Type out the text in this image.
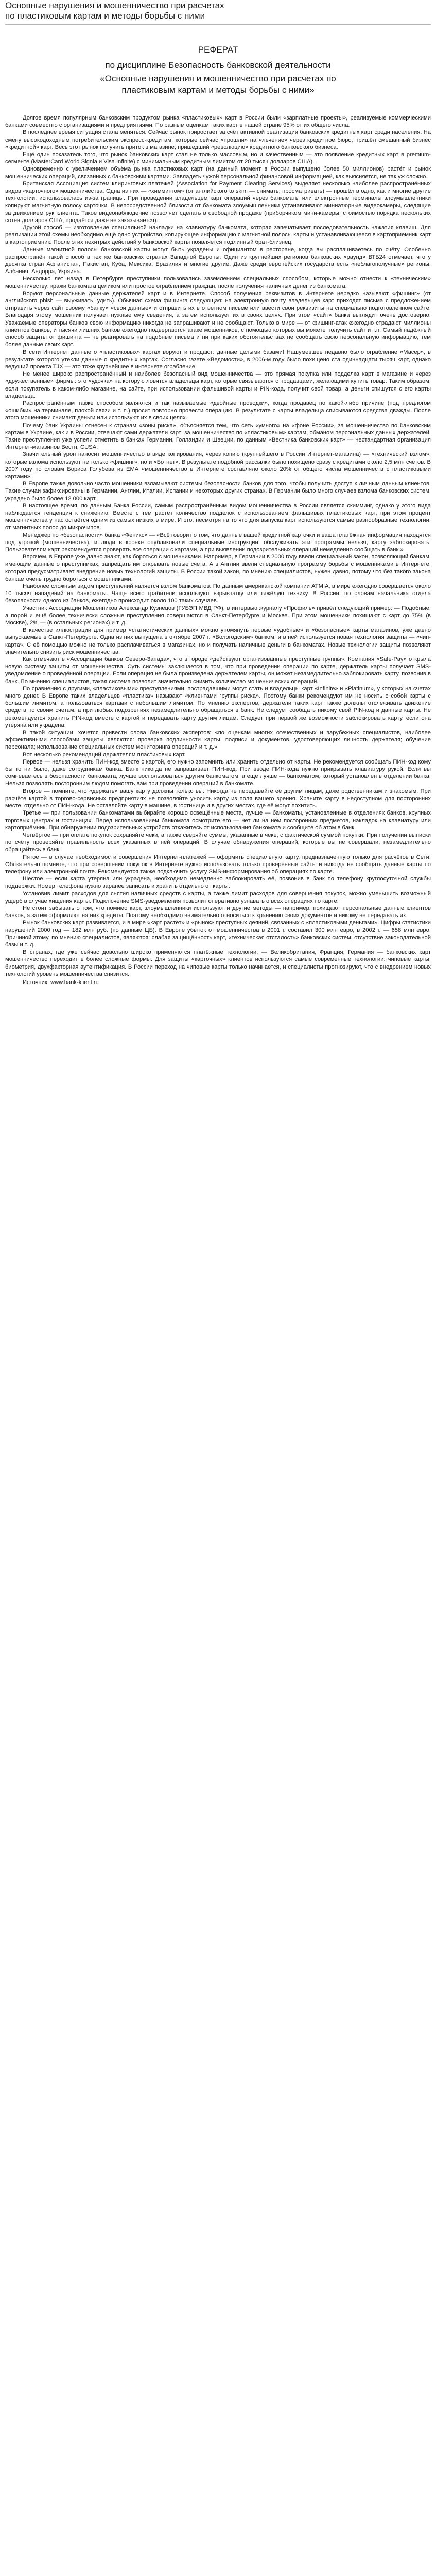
Основные нарушения и мошенничество при расчетах по пластиковым картам и методы борьбы с ними
РЕФЕРАТ
по дисциплине Безопасность банковской деятельности
«Основные нарушения и мошенничество при расчетах по пластиковым картам и методы борьбы с ними»

Долгое время популярным банковским продуктом рынка «пластиковых» карт в России были «зарплатные проекты», реализуемые коммерческими банками совместно с организациями и предприятиями. По разным оценкам таких карт в нашей стране 95% от их общего числа.

В последнее время ситуация стала меняться. Сейчас рынок приростает за счёт активной реализации банковских кредитных карт среди населения. На смену высокодоходным потребительским экспресс-кредитам, которые сейчас «прошли» на «лечение» через кредитное бюро, пришёл смешанный бизнес «кредитной» карт. Весь этот рынок получить приток в магазине, пришедший «революцию» кредитного банковского бизнеса.

Ещё один показатель того, что рынок банковских карт стал не только массовым, но и качественным — это появление кредитных карт в premium-сегменте (MasterCard World Signia и Visa Infinite) с минимальным кредитным лимитом от 20 тысяч долларов США).

Одновременно с увеличением объёма рынка пластиковых карт (на данный момент в России выпущено более 50 миллионов) растёт и рынок мошеннических операций, связанных с банковскими картами. Завладеть чужой персональной финансовой информацией, как выясняется, не так уж сложно.

Британская Ассоциация систем клиринговых платежей (Association for Payment Clearing Services) выделяет несколько наиболее распространённых видов «карточного» мошенничества. Одна из них — «химмингом» (от английского to skim — снимать, просматривать) — прошёл в одно, как и многие другие технологии, использовалась из-за границы. При проведении владельцем карт операций через банкоматы или электронные терминалы злоумышленники копируют магнитную полосу карточки. В непосредственной близости от банкомата злоумышленники устанавливают миниатюрные видеокамеры, следящие за движением рук клиента. Такое видеонаблюдение позволяет сделать в свободной продаже (приборчиком мини-камеры, стоимостью порядка нескольких сотен долларов США, продаётся даже не заказывается).

Другой способ — изготовление специальной накладки на клавиатуру банкомата, которая запечатывает последовательность нажатия клавиш. Для реализации этой схемы необходимо ещё одно устройство, копирующее информацию с магнитной полосы карты и устанавливающееся в картоприемник карт в картоприемник. После этих нехитрых действий у банковской карты появляется подлинный брат-близнец.

Данные магнитной полосы банковской карты могут быть украдены и официантом в ресторане, когда вы расплачиваетесь по счёту. Особенно распространён такой способ в тех же банковских странах Западной Европы. Один из крупнейших регионов банковских «раунд» ВТБ24 отмечает, что у десятка стран Афганистан, Пакистан, Куба, Мексика, Бразилия и многие другие. Даже среди европейских государств есть «неблагополучные» регионы: Албания, Андорра, Украина.

Несколько лет назад в Петербурге преступники пользовались заземлением специальных способом, которые можно отнести к «техническим» мошенничеству: кражи банкомата целиком или простое ограблением граждан, после получения наличных денег из банкомата.

Воруют персональные данные держателей карт и в Интернете. Способ получения реквизитов в Интернете нередко называют «фишинг» (от английского phish — выуживать, удить). Обычная схема фишинга следующая: на электронную почту владельцев карт приходят письма с предложением отправить через сайт своему «банку» «свои данные» и отправить их в ответном письме или ввести свои реквизиты на специально подготовленном сайте. Благодаря этому мошенник получает нужные ему сведения, а затем использует их в своих целях. При этом «сайт» банка выглядит очень достоверно. Уважаемые операторы банков свою информацию никогда не запрашивают и не сообщают. Только в мире — от фишинг-атак ежегодно страдают миллионы клиентов банков, и тысячи лишних банков ежегодно подвергаются атаке мошенников, с помощью которых вы можете получить сайт и т.п. Самый надёжный способ защиты от фишинга — не реагировать на подобные письма и ни при каких обстоятельствах не сообщать свою персональную информацию, тем более данные своих карт.

В сети Интернет данные о «пластиковых» картах воруют и продают: данные целыми базами! Нашумевшее недавно было ограбление «Масер», в результате которого утекли данные о кредитных картах. Согласно газете «Ведомости», в 2006-м году было похищено ста одиннадцати тысяч карт, однако ведущий проекта TJX — это тоже крупнейшее в интернете ограбление.

Не менее широко распространённый и наиболее безопасный вид мошенничества — это прямая покупка или подделка карт в магазине и через «дружественные» фирмы: это «удочка» на которую ловятся владельцы карт, которые связываются с продавцами, желающими купить товар. Таким образом, если покупатель в каком-либо магазине, на сайте, при использовании фальшивой карты и PIN-кода, получит свой товар, а деньги спишутся с его карты владельца.

Распространённым также способом являются и так называемые «двойные проводки», когда продавец по какой-либо причине (под предлогом «ошибки» на терминале, плохой связи и т. п.) просит повторно провести операцию. В результате с карты владельца списываются средства дважды. После этого мошенники снимают деньги или используют их в своих целях.

Почему банк Украины отнесен к странам «зоны риска», объясняется тем, что сеть «умного» на «фоне России», за мошенничество по банковским картам в Украине, как и в России, отвечают сами держатели карт: за мошенничество по «пластиковым» картам, обманом персональных данных держателей. Такие преступления уже успели отметить в банках Германии, Голландии и Швеции, по данным «Вестника банковских карт» — нестандартная организация Интернет-магазинов Вестн, CUSA.

Значительный урон наносит мошенничество в виде копирования, через копию (крупнейшего в России Интернет-магазина) — «технический взлом», которые взлома используют не только «фишинг», но и «Ботнет». В результате подобной рассылки было похищено сразу с кредитами около 2,5 млн счетов. В 2007 году по словам Бориса Голубева из ЕМА «мошенничество в Интернете составляло около 20% от общего числа мошенничеств с пластиковыми картами».

В Европе также довольно часто мошенники взламывают системы безопасности банков для того, чтобы получить доступ к личным данным клиентов. Такие случаи зафиксированы в Германии, Англии, Италии, Испании и некоторых других странах. В Германии было много случаев взлома банковских систем, украдено было более 12 000 карт.

В настоящее время, по данным Банка России, самым распространённым видом мошенничества в России является скимминг, однако у этого вида наблюдается тенденция к снижению. Вместе с тем растёт количество подделок с использованием фальшивых пластиковых карт, при этом процент мошенничества у нас остаётся одним из самых низких в мире. И это, несмотря на то что для выпуска карт используются самые разнообразные технологии: от магнитных полос до микрочипов.

Менеджер по «безопасности» банка «Феникс» — «Всё говорит о том, что данные вашей кредитной карточки и ваша платёжная информация находятся под угрозой (мошенничества), и люди в кронке опубликовали специальные инструкции: обслуживать эти программы нельзя, карту заблокировать. Пользователям карт рекомендуется проверять все операции с картами, а при выявлении подозрительных операций немедленно сообщать в банк.»

Впрочем, в Европе уже давно знают, как бороться с мошенниками. Например, в Германии в 2000 году ввели специальный закон, позволяющий банкам, имеющим данные о преступниках, запрещать им открывать новые счета. А в Англии ввели специальную программу борьбы с мошенниками в Интернете, которая предусматривает внедрение новых технологий защиты. В России такой закон, по мнению специалистов, нужен давно, потому что без такого закона банкам очень трудно бороться с мошенниками.

Наиболее сложным видом преступлений является взлом банкоматов. По данным американской компании ATMIA, в мире ежегодно совершается около 10 тысяч нападений на банкоматы. Чаще всего грабители используют взрывчатку или тяжёлую технику. В России, по словам начальника отдела безопасности одного из банков, ежегодно происходит около 100 таких случаев.

Участник Ассоциации Мошенников Александр Кузнецов (ГУБЭП МВД РФ), в интервью журналу «Профиль» привёл следующий пример: — Подобные, а порой и ещё более технически сложные преступления совершаются в Санкт-Петербурге и Москве. При этом мошенники похищают с карт до 75% (в Москве), 2% — (в остальных регионах) и т. д.

В качестве иллюстрации для пример «статистических данных» можно упомянуть первые «удобные» и «безопасные» карты магазинов, уже давно выпускаемые в Санкт-Петербурге. Одна из них выпущена в октябре 2007 г. «Вологодским» банком, и в ней используется новая технология защиты — «чип-карта». С её помощью можно не только расплачиваться в магазинах, но и получать наличные деньги в банкоматах. Новые технологии защиты позволяют значительно снизить риск мошенничества.

Как отмечают в «Ассоциации банков Северо-Запада», что в городе «действуют организованные преступные группы». Компания «Safe-Pay» открыла новую систему защиты от мошенничества. Суть системы заключается в том, что при проведении операции по карте, держатель карты получает SMS-уведомление о проведённой операции. Если операция не была произведена держателем карты, он может незамедлительно заблокировать карту, позвонив в банк. По мнению специалистов, такая система позволит значительно снизить количество мошеннических операций.

По сравнению с другими, «пластиковыми» преступлениями, пострадавшими могут стать и владельцы карт «Infinite» и «Platinum», у которых на счетах много денег. В Европе таких владельцев «пластика» называют «клиентами группы риска». Поэтому банки рекомендуют им не носить с собой карты с большим лимитом, а пользоваться картами с небольшим лимитом. По мнению экспертов, держатели таких карт также должны отслеживать движение средств по своим счетам, а при любых подозрениях незамедлительно обращаться в банк. Не следует сообщать никому свой PIN-код и данные карты. Не рекомендуется хранить PIN-код вместе с картой и передавать карту другим лицам. Следует при первой же возможности заблокировать карту, если она утеряна или украдена.

В такой ситуации, хочется привести слова банковских экспертов: «по оценкам многих отечественных и зарубежных специалистов, наиболее эффективными способами защиты являются: проверка подлинности карты, подписи и документов, удостоверяющих личность держателя; обучение персонала; использование специальных систем мониторинга операций и т. д.»

Вот несколько рекомендаций держателям пластиковых карт.

Первое — нельзя хранить ПИН-код вместе с картой, его нужно запомнить или хранить отдельно от карты. Не рекомендуется сообщать ПИН-код кому бы то ни было, даже сотрудникам банка. Банк никогда не запрашивает ПИН-код. При вводе ПИН-кода нужно прикрывать клавиатуру рукой. Если вы сомневаетесь в безопасности банкомата, лучше воспользоваться другим банкоматом, а ещё лучше — банкоматом, который установлен в отделении банка. Нельзя позволять посторонним людям помогать вам при проведении операций в банкомате.

Второе — помните, что «держать» вашу карту должны только вы. Никогда не передавайте её другим лицам, даже родственникам и знакомым. При расчёте картой в торгово-сервисных предприятиях не позволяйте уносить карту из поля вашего зрения. Храните карту в недоступном для посторонних месте, отдельно от ПИН-кода. Не оставляйте карту в машине, в гостинице и в других местах, где её могут похитить.

Третье — при пользовании банкоматами выбирайте хорошо освещённые места, лучше — банкоматы, установленные в отделениях банков, крупных торговых центрах и гостиницах. Перед использованием банкомата осмотрите его — нет ли на нём посторонних предметов, накладок на клавиатуру или картоприёмник. При обнаружении подозрительных устройств откажитесь от использования банкомата и сообщите об этом в банк.

Четвёртое — при оплате покупок сохраняйте чеки, а также сверяйте суммы, указанные в чеке, с фактической суммой покупки. При получении выписки по счёту проверяйте правильность всех указанных в ней операций. В случае обнаружения операций, которые вы не совершали, незамедлительно обращайтесь в банк.

Пятое — в случае необходимости совершения Интернет-платежей — оформить специальную карту, предназначенную только для расчётов в Сети. Обязательно помните, что при совершении покупок в Интернете нужно использовать только проверенные сайты и никогда не сообщать данные карты по телефону или электронной почте. Рекомендуется также подключить услугу SMS-информирования об операциях по карте.

Шестое — если карта утеряна или украдена, необходимо немедленно заблокировать её, позвонив в банк по телефону круглосуточной службы поддержки. Номер телефона нужно заранее записать и хранить отдельно от карты.

Установив лимит расходов для снятия наличных средств с карты, а также лимит расходов для совершения покупок, можно уменьшить возможный ущерб в случае хищения карты. Подключение SMS-уведомления позволит оперативно узнавать о всех операциях по карте.

Не стоит забывать о том, что помимо карт, злоумышленники используют и другие методы — например, похищают персональные данные клиентов банков, а затем оформляют на них кредиты. Поэтому необходимо внимательно относиться к хранению своих документов и никому не передавать их.

Рынок банковских карт развивается, и в мире «карт растёт» и «рынок» преступных деяний, связанных с «пластиковыми деньгами». Цифры статистики нарушений 2000 год — 182 млн руб. (по данным ЦБ). В Европе убыток от мошенничества в 2001 г. составил 300 млн евро, в 2002 г. — 658 млн евро. Причиной этому, по мнению специалистов, являются: слабая защищённость карт, «техническая отсталость» банковских систем, отсутствие законодательной базы и т. д.

В странах, где уже сейчас довольно широко применяются платёжные технологии, — Великобритания, Франция, Германия — банковских карт мошенничество переходит в более сложные формы. Для защиты «карточных» клиентов используются самые современные технологии: чиповые карты, биометрия, двухфакторная аутентификация. В России переход на чиповые карты только начинается, и специалисты прогнозируют, что с внедрением новых технологий уровень мошенничества снизится.

Источник: www.bank-klient.ru
